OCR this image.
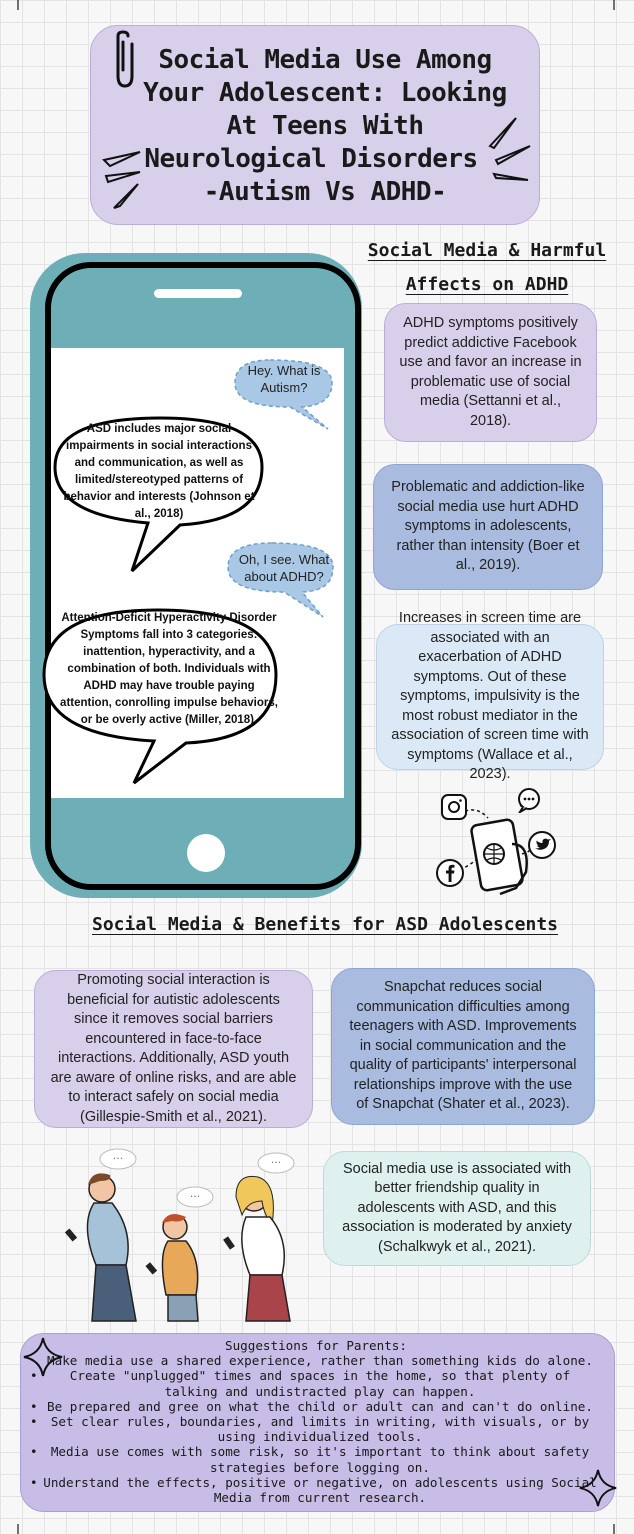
Social Media Use Among
Your Adolescent: Looking
At Teens With
Neurological Disorders
-Autism Vs ADHD-
Social Media & Harmful
Affects on ADHD
ADHD symptoms positively predict addictive Facebook use and favor an increase in problematic use of social media (Settanni et al., 2018).
Problematic and addiction-like social media use hurt ADHD symptoms in adolescents, rather than intensity (Boer et al., 2019).
Increases in screen time are associated with an exacerbation of ADHD symptoms. Out of these symptoms, impulsivity is the most robust mediator in the association of screen time with symptoms (Wallace et al., 2023).
Hey. What is Autism?
ASD includes major social impairments in social interactions and communication, as well as limited/stereotyped patterns of behavior and interests (Johnson et al., 2018)
Oh, I see. What about ADHD?
Attention-Deficit Hyperactivity Disorder Symptoms fall into 3 categories: inattention, hyperactivity, and a combination of both. Individuals with ADHD may have trouble paying attention, conrolling impulse behaviors, or be overly active (Miller, 2018).
Social Media & Benefits for ASD Adolescents
Promoting social interaction is beneficial for autistic adolescents since it removes social barriers encountered in face-to-face interactions. Additionally, ASD youth are aware of online risks, and are able to interact safely on social media (Gillespie-Smith et al., 2021).
Snapchat reduces social communication difficulties among teenagers with ASD. Improvements in social communication and the quality of participants' interpersonal relationships improve with the use of Snapchat (Shater et al., 2023).
Social media use is associated with better friendship quality in adolescents with ASD, and this association is moderated by anxiety (Schalkwyk et al., 2021).
...
...
...
Suggestions for Parents:
Make media use a shared experience, rather than something kids do alone.
• Create "unplugged" times and spaces in the home, so that plenty of talking and undistracted play can happen.
• Be prepared and gree on what the child or adult can and can't do online.
• Set clear rules, boundaries, and limits in writing, with visuals, or by using individualized tools.
• Media use comes with some risk, so it's important to think about safety strategies before logging on.
• Understand the effects, positive or negative, on adolescents using Social Media from current research.
